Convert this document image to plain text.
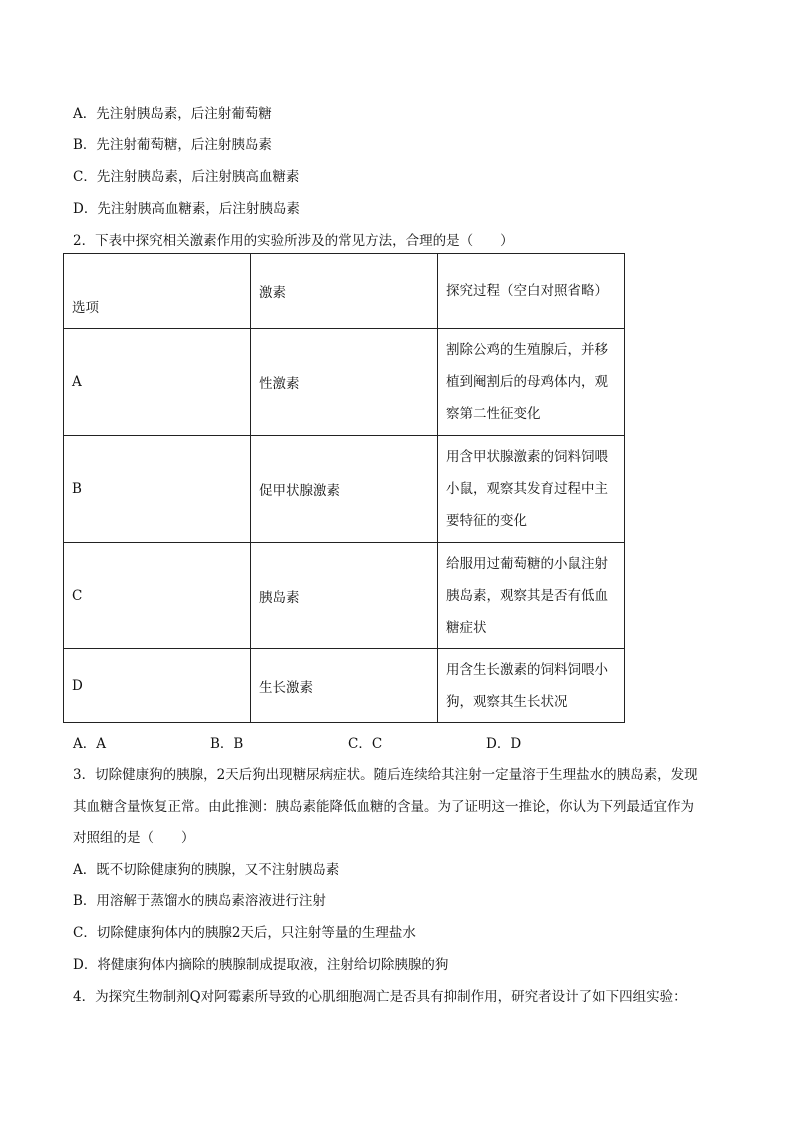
A．先注射胰岛素，后注射葡萄糖
B．先注射葡萄糖，后注射胰岛素
C．先注射胰岛素，后注射胰高血糖素
D．先注射胰高血糖素，后注射胰岛素
2．下表中探究相关激素作用的实验所涉及的常见方法，合理的是（　　）
选项	激素	探究过程（空白对照省略）
A	性激素	割除公鸡的生殖腺后，并移植到阉割后的母鸡体内，观察第二性征变化
B	促甲状腺激素	用含甲状腺激素的饲料饲喂小鼠，观察其发育过程中主要特征的变化
C	胰岛素	给服用过葡萄糖的小鼠注射胰岛素，观察其是否有低血糖症状
D	生长激素	用含生长激素的饲料饲喂小狗，观察其生长状况
A．A	B．B	C．C	D．D
3．切除健康狗的胰腺，2天后狗出现糖尿病症状。随后连续给其注射一定量溶于生理盐水的胰岛素，发现
其血糖含量恢复正常。由此推测：胰岛素能降低血糖的含量。为了证明这一推论，你认为下列最适宜作为
对照组的是（　　）
A．既不切除健康狗的胰腺，又不注射胰岛素
B．用溶解于蒸馏水的胰岛素溶液进行注射
C．切除健康狗体内的胰腺2天后，只注射等量的生理盐水
D．将健康狗体内摘除的胰腺制成提取液，注射给切除胰腺的狗
4．为探究生物制剂Q对阿霉素所导致的心肌细胞凋亡是否具有抑制作用，研究者设计了如下四组实验：
